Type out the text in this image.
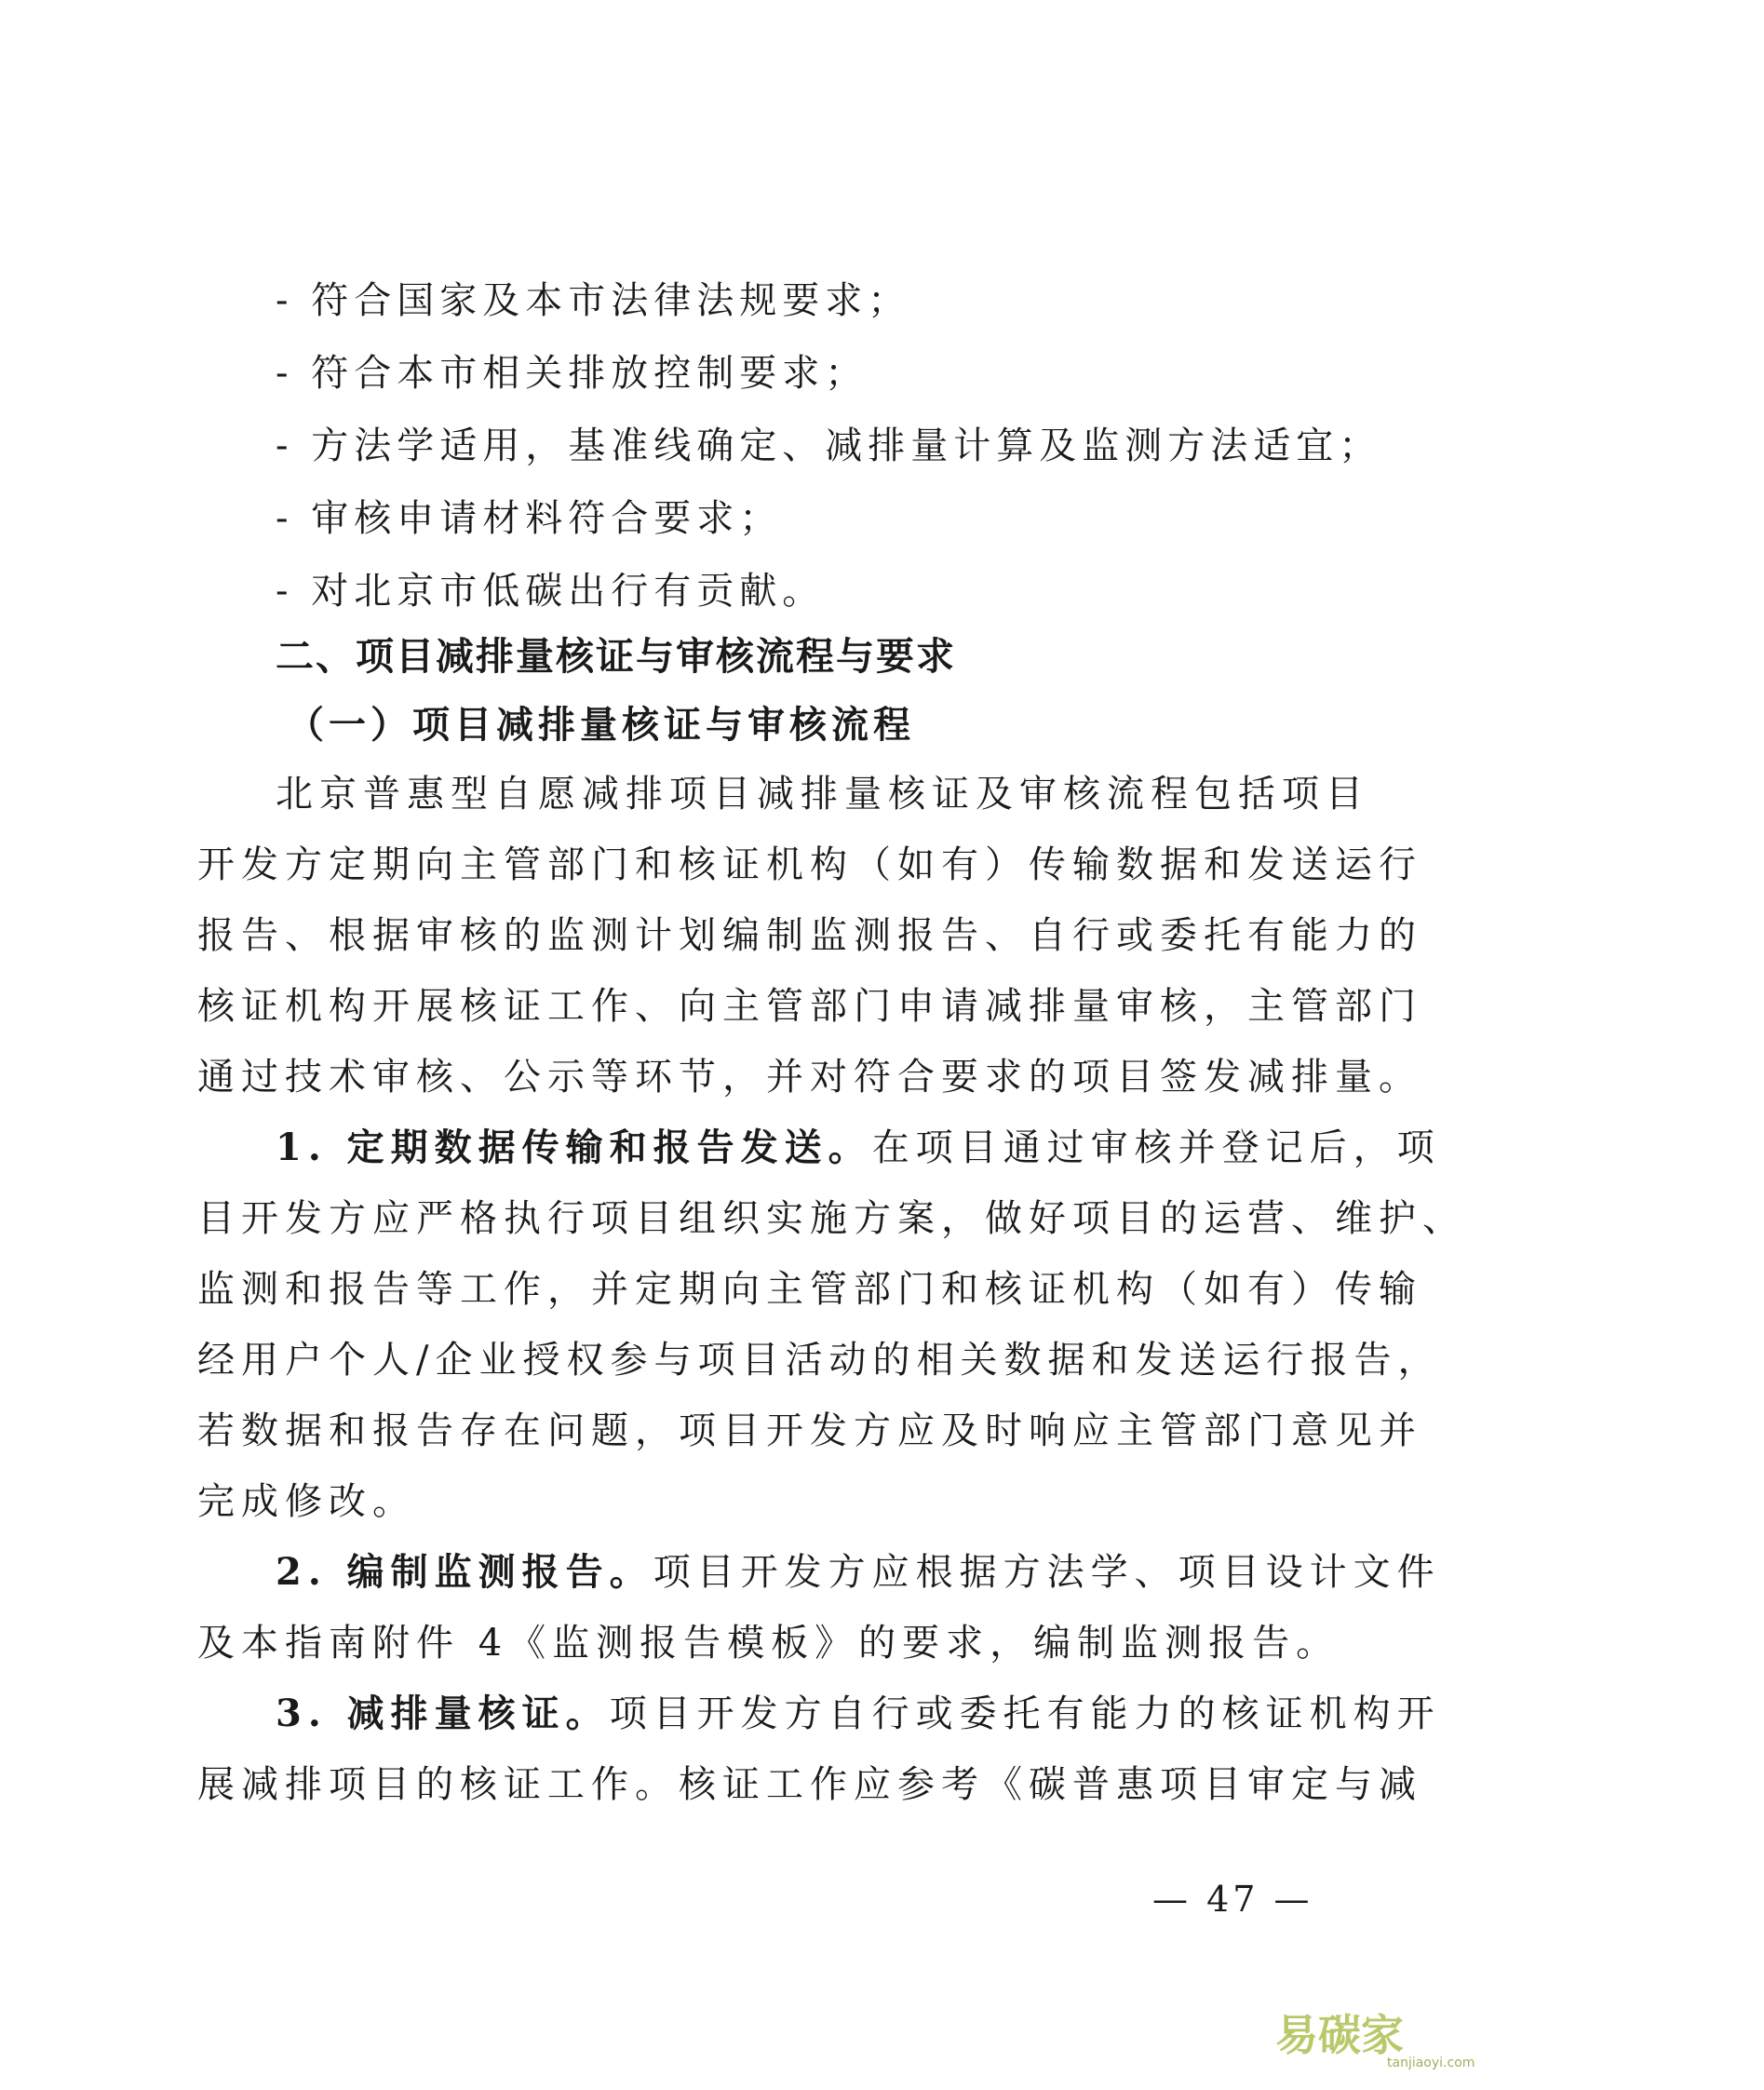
- 符合国家及本市法律法规要求；
- 符合本市相关排放控制要求；
- 方法学适用，基准线确定、减排量计算及监测方法适宜；
- 审核申请材料符合要求；
- 对北京市低碳出行有贡献。
二、项目减排量核证与审核流程与要求
（一）项目减排量核证与审核流程
北京普惠型自愿减排项目减排量核证及审核流程包括项目
开发方定期向主管部门和核证机构（如有）传输数据和发送运行
报告、根据审核的监测计划编制监测报告、自行或委托有能力的
核证机构开展核证工作、向主管部门申请减排量审核，主管部门
通过技术审核、公示等环节，并对符合要求的项目签发减排量。
1. 定期数据传输和报告发送。在项目通过审核并登记后，项
目开发方应严格执行项目组织实施方案，做好项目的运营、维护、
监测和报告等工作，并定期向主管部门和核证机构（如有）传输
经用户个人/企业授权参与项目活动的相关数据和发送运行报告，
若数据和报告存在问题，项目开发方应及时响应主管部门意见并
完成修改。
2. 编制监测报告。项目开发方应根据方法学、项目设计文件
及本指南附件 4《监测报告模板》的要求，编制监测报告。
3. 减排量核证。项目开发方自行或委托有能力的核证机构开
展减排项目的核证工作。核证工作应参考《碳普惠项目审定与减
— 47 —
易碳家
tanjiaoyi.com
